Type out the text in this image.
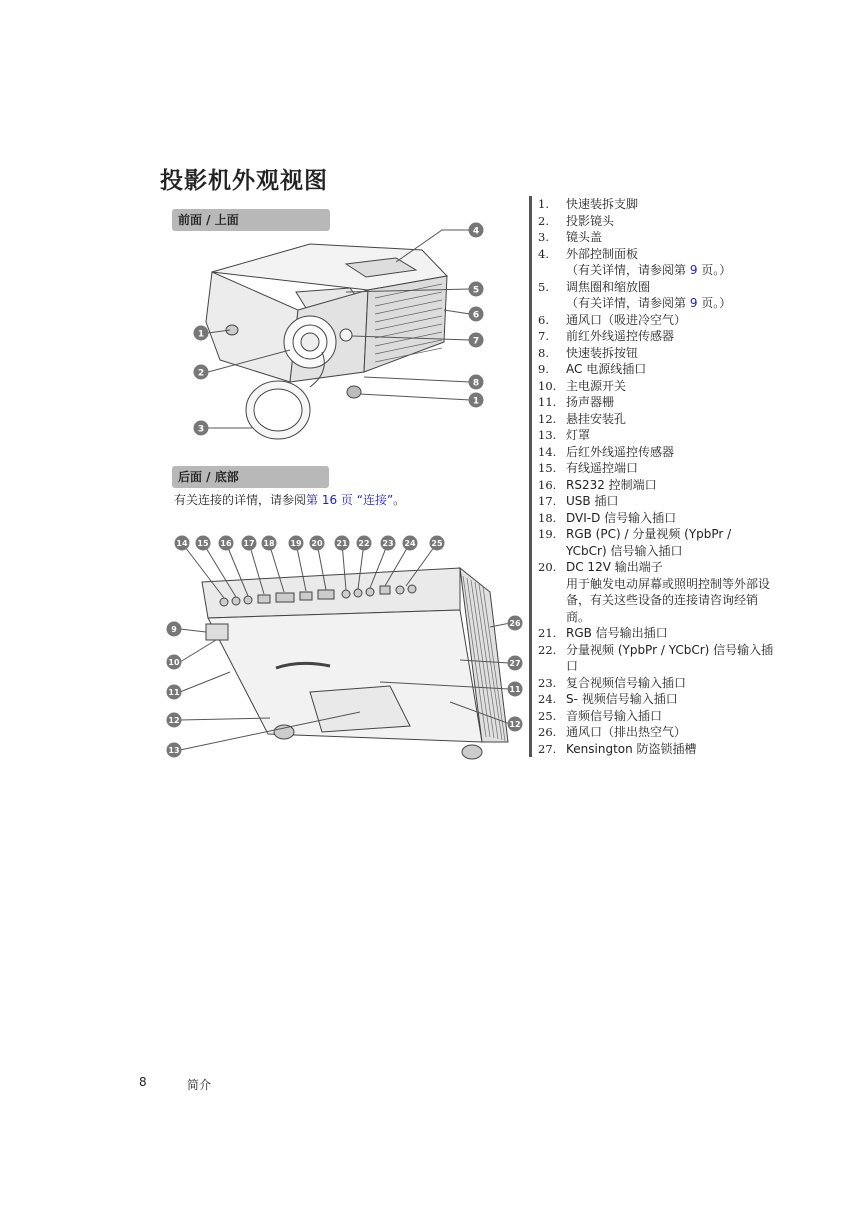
投影机外观视图
前面 / 上面
4
1
2
3
5
6
7
8
1
后面 / 底部
有关连接的详情，请参阅第 16 页 “连接”。
14 15 16 17 18 19 20 21 22 23 24 25
26
9
10	27
11	11
12	12
13
1.	快速装拆支脚
2.	投影镜头
3.	镜头盖
4.	外部控制面板
（有关详情，请参阅第 9 页。）
5.	调焦圈和缩放圈
（有关详情，请参阅第 9 页。）
6.	通风口（吸进冷空气）
7.	前红外线遥控传感器
8.	快速装拆按钮
9.	AC 电源线插口
10. 主电源开关
11. 扬声器栅
12. 悬挂安装孔
13. 灯罩
14. 后红外线遥控传感器
15. 有线遥控端口
16. RS232 控制端口
17. USB 插口
18. DVI-D 信号输入插口
19. RGB (PC) / 分量视频 (YpbPr / YCbCr) 信号输入插口
20. DC 12V 输出端子
用于触发电动屏幕或照明控制等外部设备，有关这些设备的连接请咨询经销商。
21. RGB 信号输出插口
22. 分量视频 (YpbPr / YCbCr) 信号输入插口
23. 复合视频信号输入插口
24. S- 视频信号输入插口
25. 音频信号输入插口
26. 通风口（排出热空气）
27. Kensington 防盗锁插槽
8	简介
